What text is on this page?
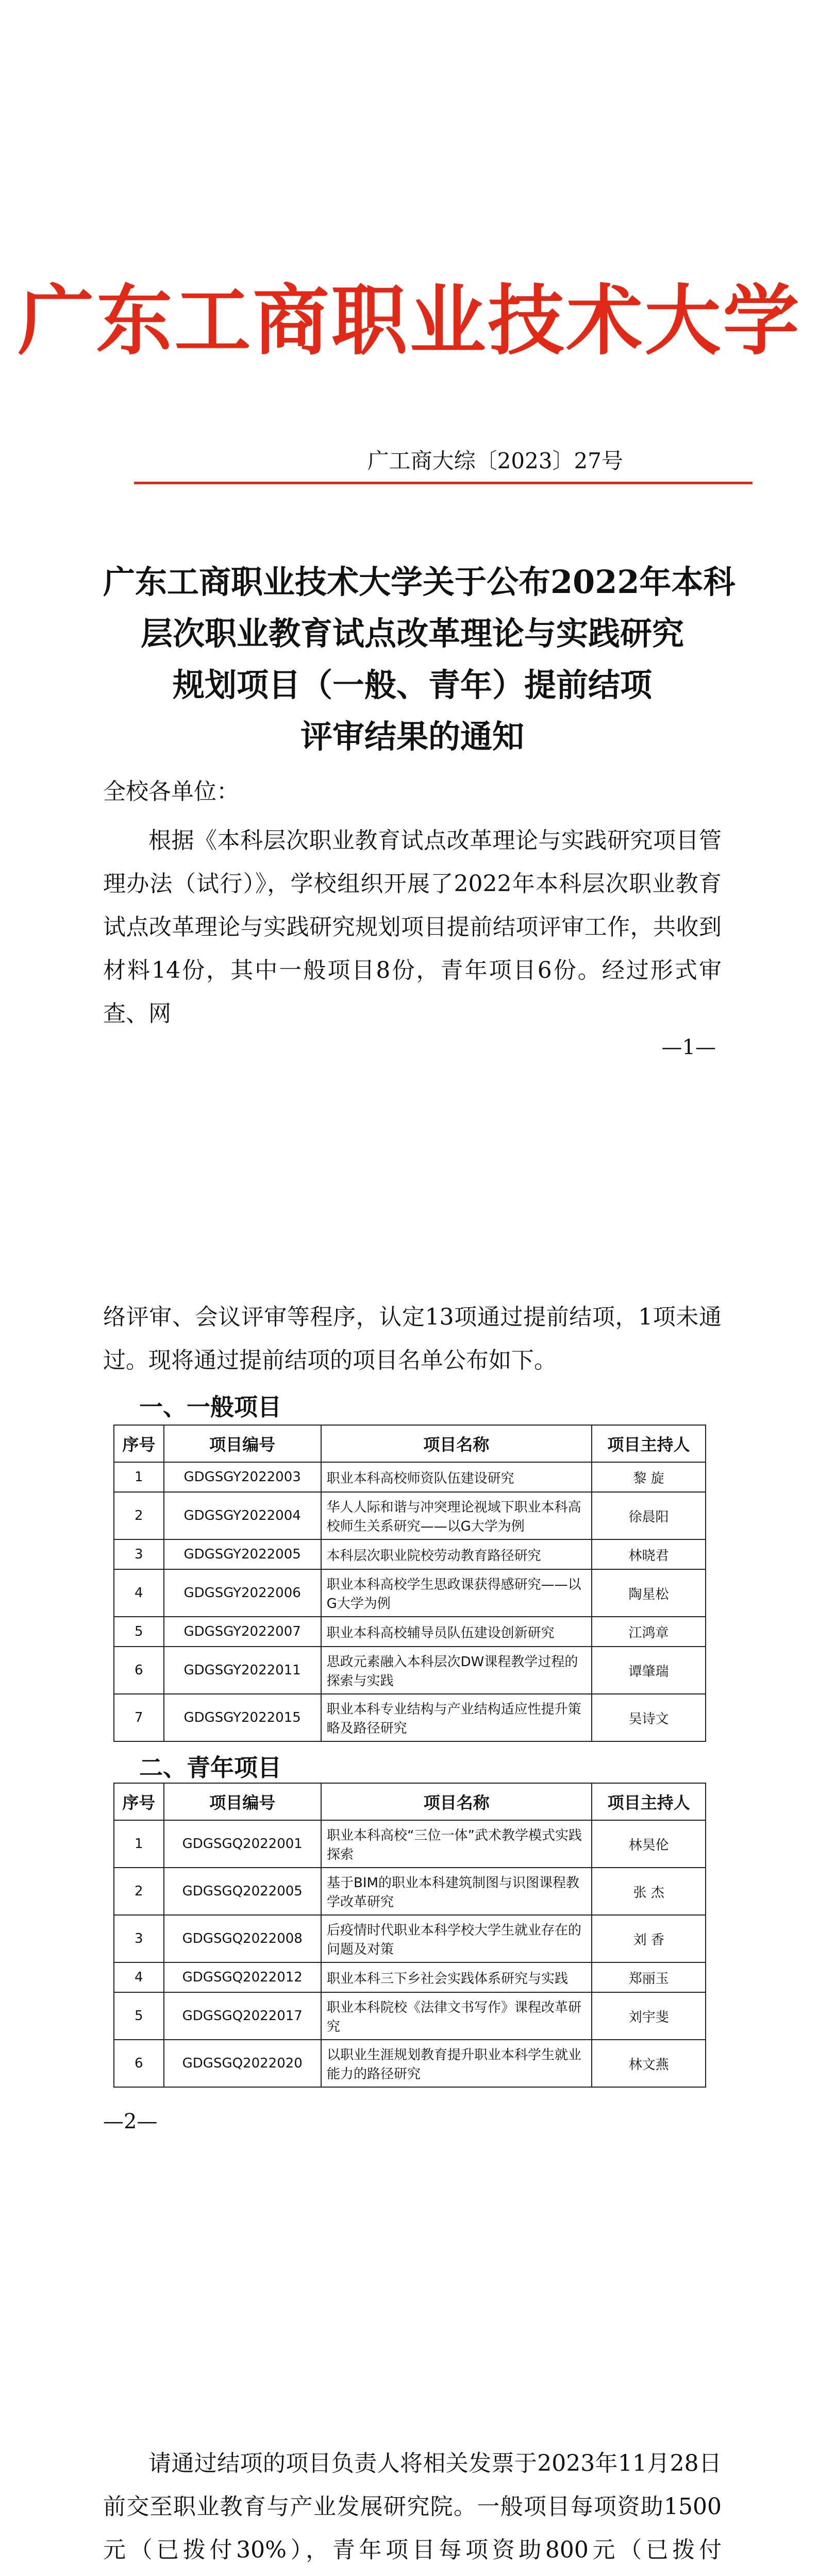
广东工商职业技术大学
广工商大综〔2023〕27号
广东工商职业技术大学关于公布2022年本科
层次职业教育试点改革理论与实践研究
规划项目（一般、青年）提前结项
评审结果的通知
全校各单位：
根据《本科层次职业教育试点改革理论与实践研究项目管理办法（试行）》，学校组织开展了2022年本科层次职业教育试点改革理论与实践研究规划项目提前结项评审工作，共收到材料14份，其中一般项目8份，青年项目6份。经过形式审查、网
—1—
络评审、会议评审等程序，认定13项通过提前结项，1项未通过。现将通过提前结项的项目名单公布如下。
一、一般项目
序号	项目编号	项目名称	项目主持人
1	GDGSGY2022003	职业本科高校师资队伍建设研究	黎 旋
2	GDGSGY2022004	华人人际和谐与冲突理论视域下职业本科高校师生关系研究——以G大学为例	徐晨阳
3	GDGSGY2022005	本科层次职业院校劳动教育路径研究	林晓君
4	GDGSGY2022006	职业本科高校学生思政课获得感研究——以G大学为例	陶星松
5	GDGSGY2022007	职业本科高校辅导员队伍建设创新研究	江鸿章
6	GDGSGY2022011	思政元素融入本科层次DW课程教学过程的探索与实践	谭肇瑞
7	GDGSGY2022015	职业本科专业结构与产业结构适应性提升策略及路径研究	吴诗文
二、青年项目
序号	项目编号	项目名称	项目主持人
1	GDGSGQ2022001	职业本科高校“三位一体”武术教学模式实践探索	林昊伦
2	GDGSGQ2022005	基于BIM的职业本科建筑制图与识图课程教学改革研究	张 杰
3	GDGSGQ2022008	后疫情时代职业本科学校大学生就业存在的问题及对策	刘 香
4	GDGSGQ2022012	职业本科三下乡社会实践体系研究与实践	郑丽玉
5	GDGSGQ2022017	职业本科院校《法律文书写作》课程改革研究	刘宇斐
6	GDGSGQ2022020	以职业生涯规划教育提升职业本科学生就业能力的路径研究	林文燕
—2—
请通过结项的项目负责人将相关发票于2023年11月28日前交至职业教育与产业发展研究院。一般项目每项资助1500元（已拨付30%），青年项目每项资助800元（已拨付
